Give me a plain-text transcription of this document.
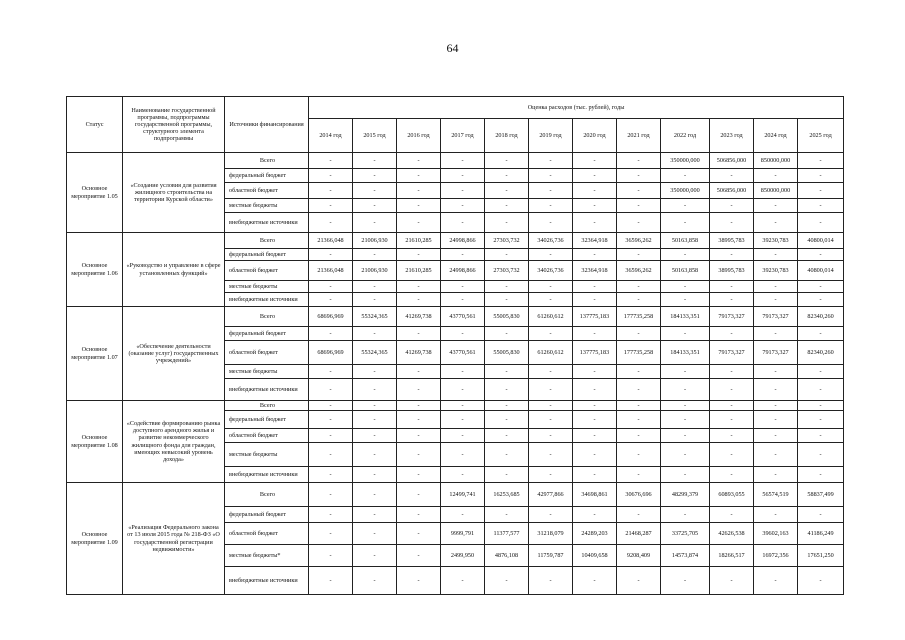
64
Статус	Наименование государственной программы, подпрограммы государственной программы, структурного элемента подпрограммы	Источники финансирования	Оценка расходов (тыс. рублей), годы											
			2014 год	2015 год	2016 год	2017 год	2018 год	2019 год	2020 год	2021 год	2022 год	2023 год	2024 год	2025 год
Основное мероприятие 1.05	«Создание условия для развития жилищного строительства на территории Курской области»	Всего	-	-	-	-	-	-	-	-	350000,000	506856,000	850000,000	-
		федеральный бюджет	-	-	-	-	-	-	-	-	-	-	-	-
		областной бюджет	-	-	-	-	-	-	-	-	350000,000	506856,000	850000,000	-
		местные бюджеты	-	-	-	-	-	-	-	-	-	-	-	-
		внебюджетные источники	-	-	-	-	-	-	-	-	-	-	-	-
Основное мероприятие 1.06	«Руководство и управление в сфере установленных функций»	Всего	21366,048	21006,930	21610,285	24998,866	27303,732	34026,736	32364,918	36596,262	50163,858	38995,783	39230,783	40800,014
		федеральный бюджет	-	-	-	-	-	-	-	-	-	-	-	-
		областной бюджет	21366,048	21006,930	21610,285	24998,866	27303,732	34026,736	32364,918	36596,262	50163,858	38995,783	39230,783	40800,014
		местные бюджеты	-	-	-	-	-	-	-	-	-	-	-	-
		внебюджетные источники	-	-	-	-	-	-	-	-	-	-	-	-
Основное мероприятие 1.07	«Обеспечение деятельности (оказание услуг) государственных учреждений»	Всего	68696,969	55324,365	41269,738	43770,561	55005,830	61260,612	137775,183	177735,258	184133,351	79173,327	79173,327	82340,260
		федеральный бюджет	-	-	-	-	-	-	-	-	-	-	-	-
		областной бюджет	68696,969	55324,365	41269,738	43770,561	55005,830	61260,612	137775,183	177735,258	184133,351	79173,327	79173,327	82340,260
		местные бюджеты	-	-	-	-	-	-	-	-	-	-	-	-
		внебюджетные источники	-	-	-	-	-	-	-	-	-	-	-	-
Основное мероприятие 1.08	«Содействие формированию рынка доступного арендного жилья и развитие некоммерческого жилищного фонда для граждан, имеющих невысокий уровень дохода»	Всего	-	-	-	-	-	-	-	-	-	-	-	-
		федеральный бюджет	-	-	-	-	-	-	-	-	-	-	-	-
		областной бюджет	-	-	-	-	-	-	-	-	-	-	-	-
		местные бюджеты	-	-	-	-	-	-	-	-	-	-	-	-
		внебюджетные источники	-	-	-	-	-	-	-	-	-	-	-	-
Основное мероприятие 1.09	«Реализация Федерального закона от 13 июля 2015 года № 218-ФЗ «О государственной регистрации недвижимости»	Всего	-	-	-	12499,741	16253,685	42977,866	34698,861	30676,696	48299,379	60893,055	56574,519	58837,499
		федеральный бюджет	-	-	-	-	-	-	-	-	-	-	-	-
		областной бюджет	-	-	-	9999,791	11377,577	31218,079	24289,203	21468,287	33725,705	42626,538	39602,163	41186,249
		местные бюджеты*	-	-	-	2499,950	4876,108	11759,787	10409,658	9208,409	14573,874	18266,517	16972,356	17651,250
		внебюджетные источники	-	-	-	-	-	-	-	-	-	-	-	-
